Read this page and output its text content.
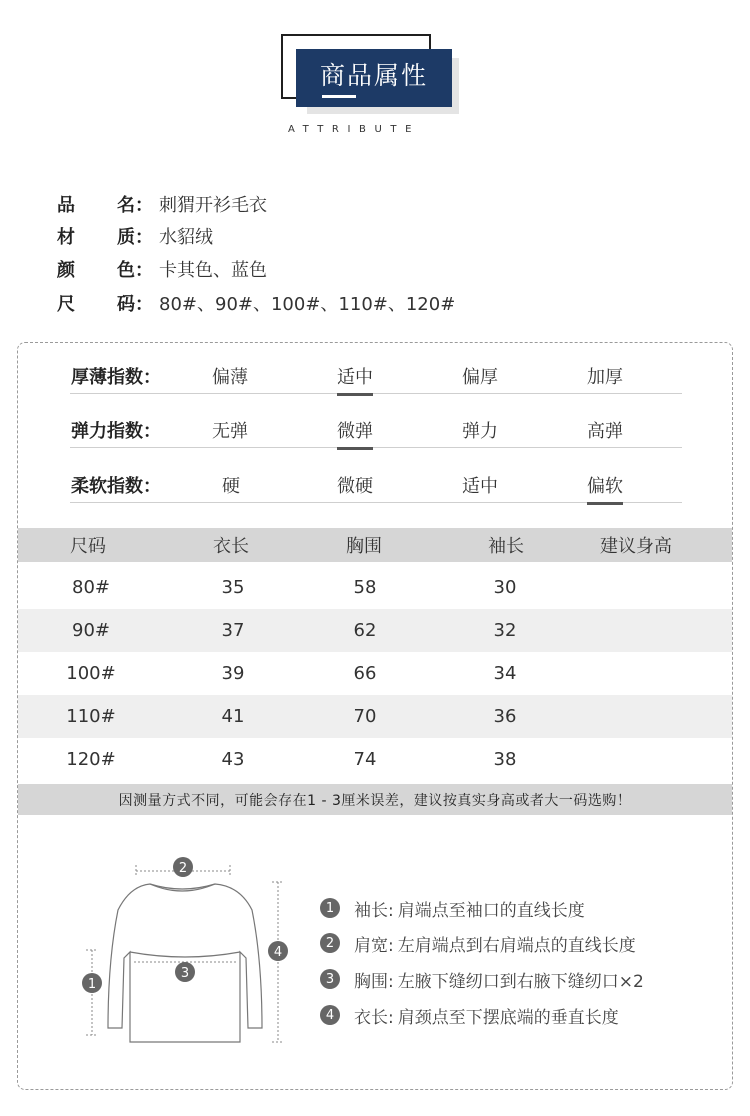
商品属性
ATTRIBUTE
品 名： 刺猬开衫毛衣
材 质： 水貂绒
颜 色： 卡其色、蓝色
尺 码： 80#、90#、100#、110#、120#
厚薄指数：	偏薄	适中	偏厚	加厚
弹力指数：	无弹	微弹	弹力	高弹
柔软指数：	硬	微硬	适中	偏软
尺码	衣长	胸围	袖长	建议身高
80#	35	58	30
90#	37	62	32
100#	39	66	34
110#	41	70	36
120#	43	74	38
因测量方式不同，可能会存在1 - 3厘米误差，建议按真实身高或者大一码选购！
2
3
1
4
1	袖长: 肩端点至袖口的直线长度
2	肩宽: 左肩端点到右肩端点的直线长度
3	胸围: 左腋下缝纫口到右腋下缝纫口×2
4	衣长: 肩颈点至下摆底端的垂直长度
